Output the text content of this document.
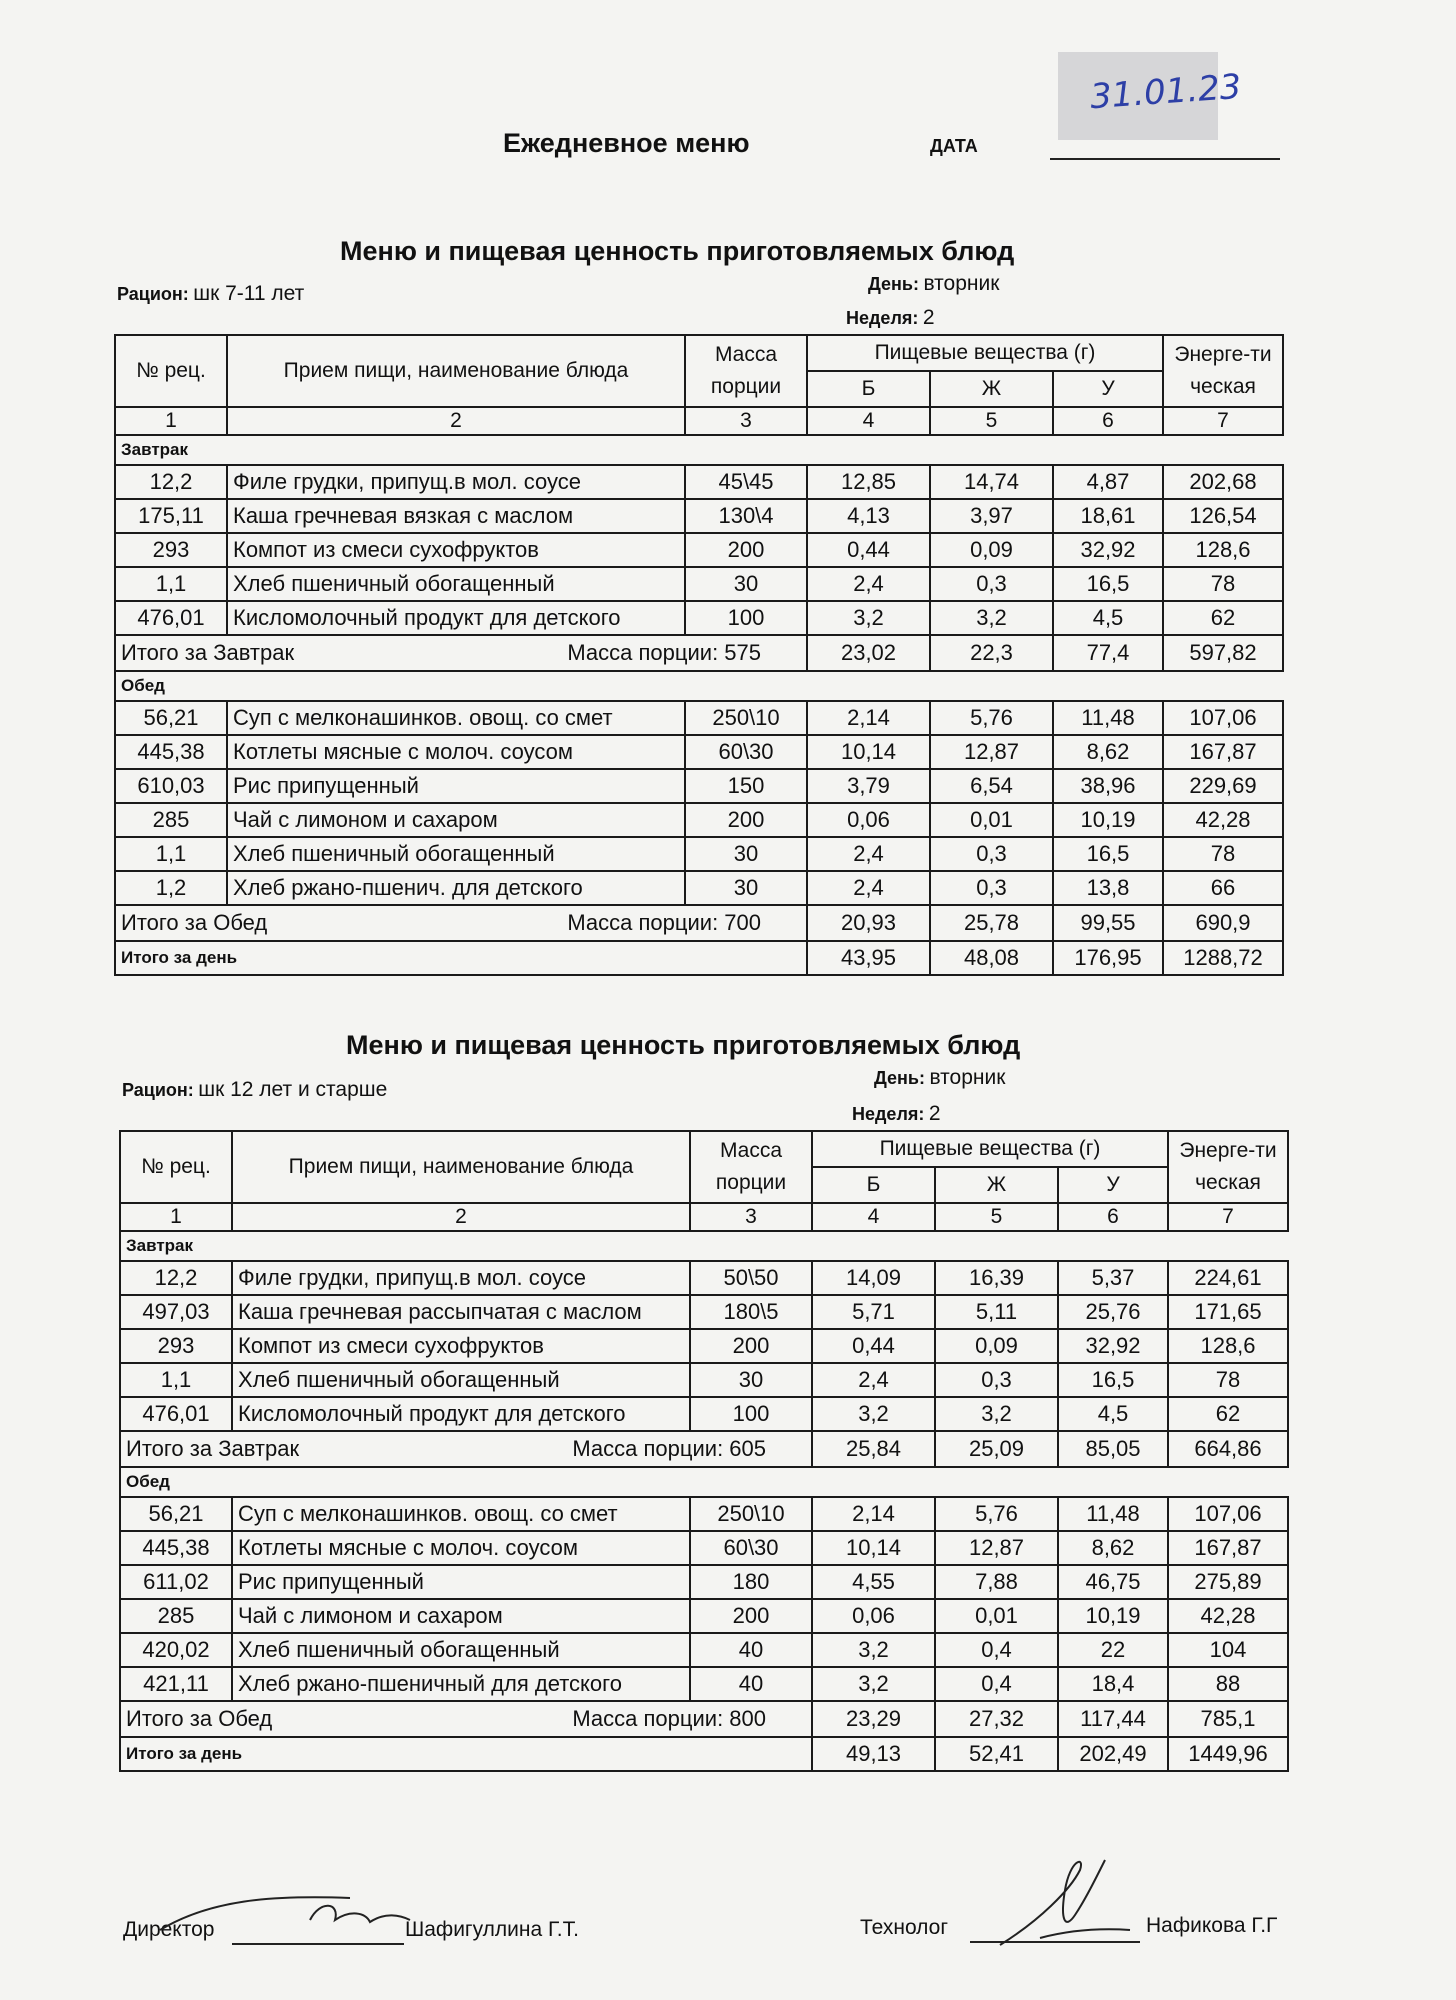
31.01.23
Ежедневное меню	ДАТА
Меню и пищевая ценность приготовляемых блюд
Рацион: шк 7-11 лет	День: вторник
Неделя: 2
№ рец.	Прием пищи, наименование блюда	Масса порции	Пищевые вещества (г)			Энерге-тическая
			Б	Ж	У	
1	2	3	4	5	6	7
Завтрак						
12,2	Филе грудки, припущ.в мол. соусе	45\45	12,85	14,74	4,87	202,68
175,11	Каша гречневая вязкая с маслом	130\4	4,13	3,97	18,61	126,54
293	Компот из смеси сухофруктов	200	0,44	0,09	32,92	128,6
1,1	Хлеб пшеничный обогащенный	30	2,4	0,3	16,5	78
476,01	Кисломолочный продукт для детского	100	3,2	3,2	4,5	62
Итого за Завтрак Масса порции: 575			23,02	22,3	77,4	597,82
Обед						
56,21	Суп с мелконашинков. овощ. со смет	250\10	2,14	5,76	11,48	107,06
445,38	Котлеты мясные с молоч. соусом	60\30	10,14	12,87	8,62	167,87
610,03	Рис припущенный	150	3,79	6,54	38,96	229,69
285	Чай с лимоном и сахаром	200	0,06	0,01	10,19	42,28
1,1	Хлеб пшеничный обогащенный	30	2,4	0,3	16,5	78
1,2	Хлеб ржано-пшенич. для детского	30	2,4	0,3	13,8	66
Итого за Обед Масса порции: 700			20,93	25,78	99,55	690,9
Итого за день			43,95	48,08	176,95	1288,72
Меню и пищевая ценность приготовляемых блюд
Рацион: шк 12 лет и старше	День: вторник
Неделя: 2
№ рец.	Прием пищи, наименование блюда	Масса порции	Пищевые вещества (г)			Энерге-тическая
			Б	Ж	У	
1	2	3	4	5	6	7
Завтрак						
12,2	Филе грудки, припущ.в мол. соусе	50\50	14,09	16,39	5,37	224,61
497,03	Каша гречневая рассыпчатая с маслом	180\5	5,71	5,11	25,76	171,65
293	Компот из смеси сухофруктов	200	0,44	0,09	32,92	128,6
1,1	Хлеб пшеничный обогащенный	30	2,4	0,3	16,5	78
476,01	Кисломолочный продукт для детского	100	3,2	3,2	4,5	62
Итого за Завтрак Масса порции: 605			25,84	25,09	85,05	664,86
Обед						
56,21	Суп с мелконашинков. овощ. со смет	250\10	2,14	5,76	11,48	107,06
445,38	Котлеты мясные с молоч. соусом	60\30	10,14	12,87	8,62	167,87
611,02	Рис припущенный	180	4,55	7,88	46,75	275,89
285	Чай с лимоном и сахаром	200	0,06	0,01	10,19	42,28
420,02	Хлеб пшеничный обогащенный	40	3,2	0,4	22	104
421,11	Хлеб ржано-пшеничный для детского	40	3,2	0,4	18,4	88
Итого за Обед Масса порции: 800			23,29	27,32	117,44	785,1
Итого за день			49,13	52,41	202,49	1449,96
Директор	Шафигуллина Г.Т.	Технолог	Нафикова Г.Г
